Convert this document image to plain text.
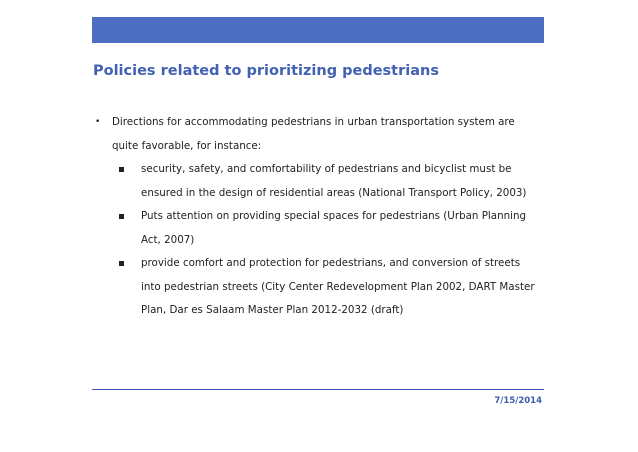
Policies related to prioritizing pedestrians
• Directions for accommodating pedestrians in urban transportation system are quite favorable, for instance:
security, safety, and comfortability of pedestrians and bicyclist must be ensured in the design of residential areas (National Transport Policy, 2003)
Puts attention on providing special spaces for pedestrians (Urban Planning Act, 2007)
provide comfort and protection for pedestrians, and conversion of streets into pedestrian streets (City Center Redevelopment Plan 2002, DART Master Plan, Dar es Salaam Master Plan 2012-2032 (draft)
7/15/2014
